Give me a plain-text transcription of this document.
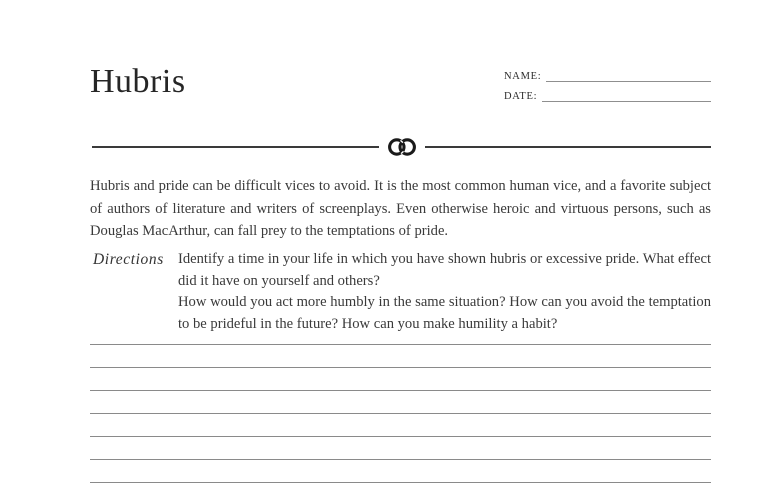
Hubris	NAME:
DATE:

Hubris and pride can be difficult vices to avoid. It is the most common human vice, and a favorite subject of authors of literature and writers of screenplays. Even otherwise heroic and virtuous persons, such as Douglas MacArthur, can fall prey to the temptations of pride.

Directions Identify a time in your life in which you have shown hubris or excessive pride. What effect did it have on yourself and others?

How would you act more humbly in the same situation? How can you avoid the temptation to be prideful in the future? How can you make humility a habit?
